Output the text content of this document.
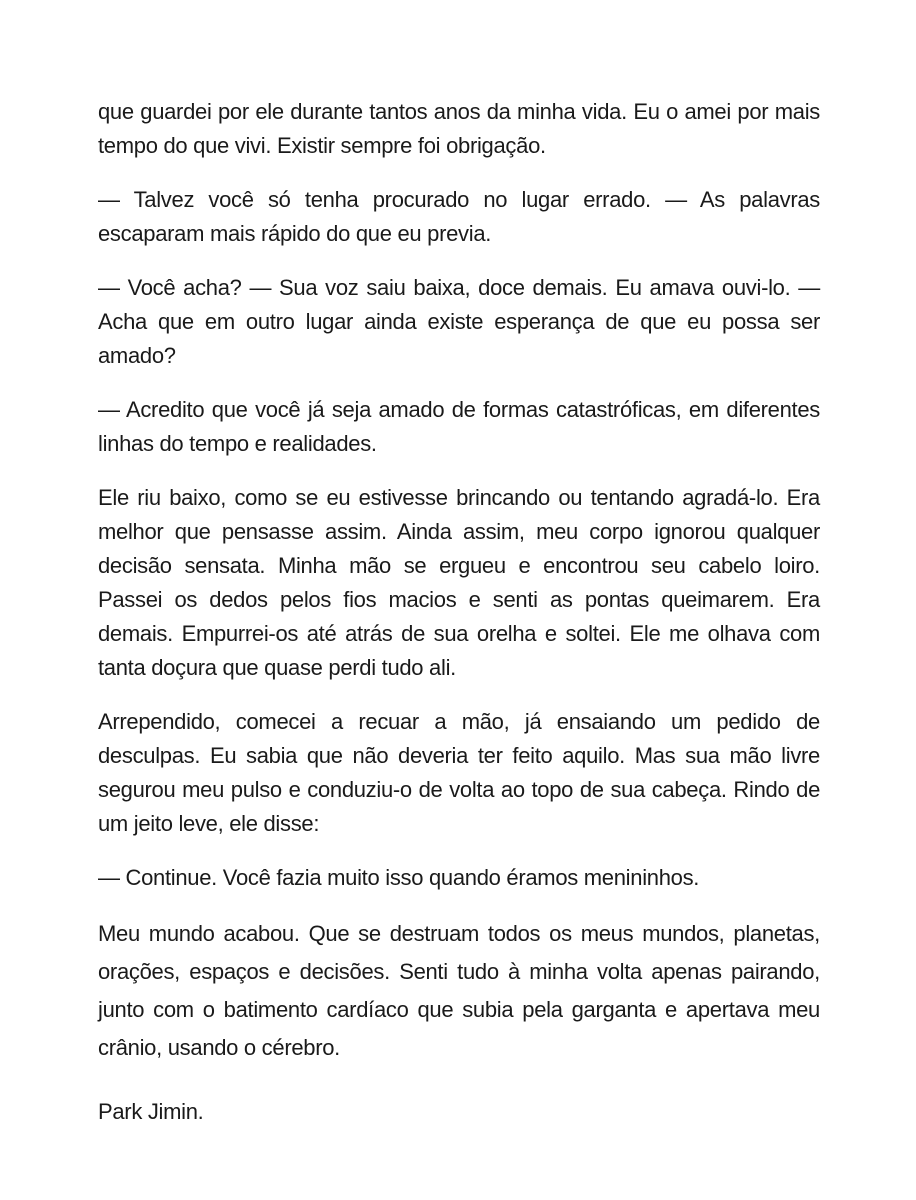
que guardei por ele durante tantos anos da minha vida. Eu o amei por mais tempo do que vivi. Existir sempre foi obrigação.

— Talvez você só tenha procurado no lugar errado. — As palavras escaparam mais rápido do que eu previa.

— Você acha? — Sua voz saiu baixa, doce demais. Eu amava ouvi-lo. — Acha que em outro lugar ainda existe esperança de que eu possa ser amado?

— Acredito que você já seja amado de formas catastróficas, em diferentes linhas do tempo e realidades.

Ele riu baixo, como se eu estivesse brincando ou tentando agradá-lo. Era melhor que pensasse assim. Ainda assim, meu corpo ignorou qualquer decisão sensata. Minha mão se ergueu e encontrou seu cabelo loiro. Passei os dedos pelos fios macios e senti as pontas queimarem. Era demais. Empurrei-os até atrás de sua orelha e soltei. Ele me olhava com tanta doçura que quase perdi tudo ali.

Arrependido, comecei a recuar a mão, já ensaiando um pedido de desculpas. Eu sabia que não deveria ter feito aquilo. Mas sua mão livre segurou meu pulso e conduziu-o de volta ao topo de sua cabeça. Rindo de um jeito leve, ele disse:

— Continue. Você fazia muito isso quando éramos menininhos.

Meu mundo acabou. Que se destruam todos os meus mundos, planetas, orações, espaços e decisões. Senti tudo à minha volta apenas pairando, junto com o batimento cardíaco que subia pela garganta e apertava meu crânio, usando o cérebro.

Park Jimin.
